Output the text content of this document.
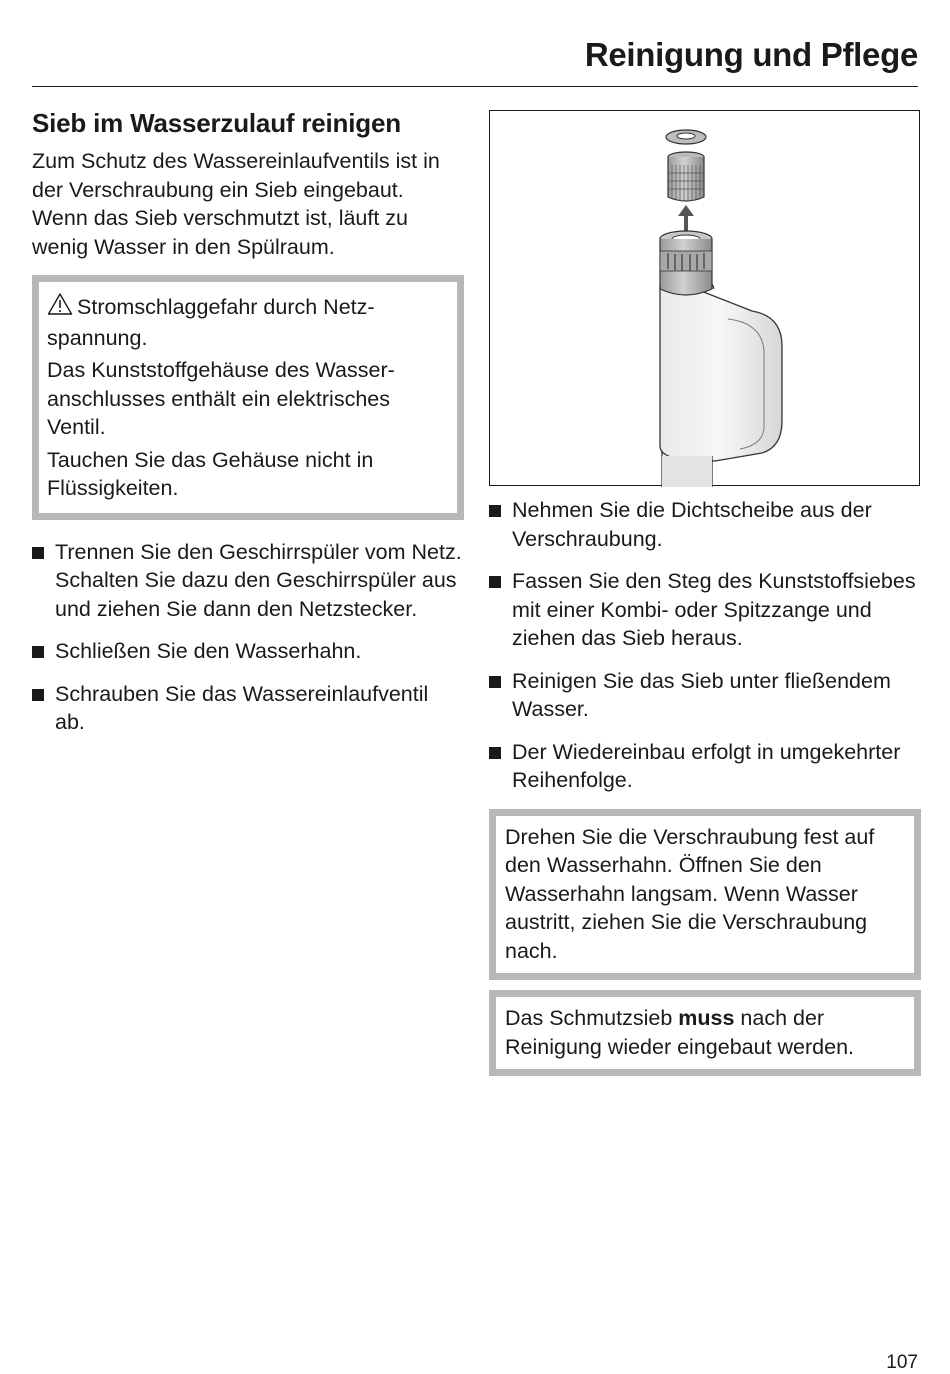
Reinigung und Pflege
Sieb im Wasserzulauf reinigen

Zum Schutz des Wassereinlaufventils ist in der Verschraubung ein Sieb eingebaut. Wenn das Sieb verschmutzt ist, läuft zu wenig Wasser in den Spülraum.

Stromschlaggefahr durch Netzspannung.

Das Kunststoffgehäuse des Wasseranschlusses enthält ein elektrisches Ventil.

Tauchen Sie das Gehäuse nicht in Flüssigkeiten.

Trennen Sie den Geschirrspüler vom Netz.
Schalten Sie dazu den Geschirrspüler aus und ziehen Sie dann den Netzstecker.
Schließen Sie den Wasserhahn.
Schrauben Sie das Wassereinlaufventil ab.
Nehmen Sie die Dichtscheibe aus der Verschraubung.
Fassen Sie den Steg des Kunststoffsiebes mit einer Kombi- oder Spitzzange und ziehen das Sieb heraus.
Reinigen Sie das Sieb unter fließendem Wasser.
Der Wiedereinbau erfolgt in umgekehrter Reihenfolge.

Drehen Sie die Verschraubung fest auf den Wasserhahn. Öffnen Sie den Wasserhahn langsam. Wenn Wasser austritt, ziehen Sie die Verschraubung nach.

Das Schmutzsieb muss nach der Reinigung wieder eingebaut werden.

107
